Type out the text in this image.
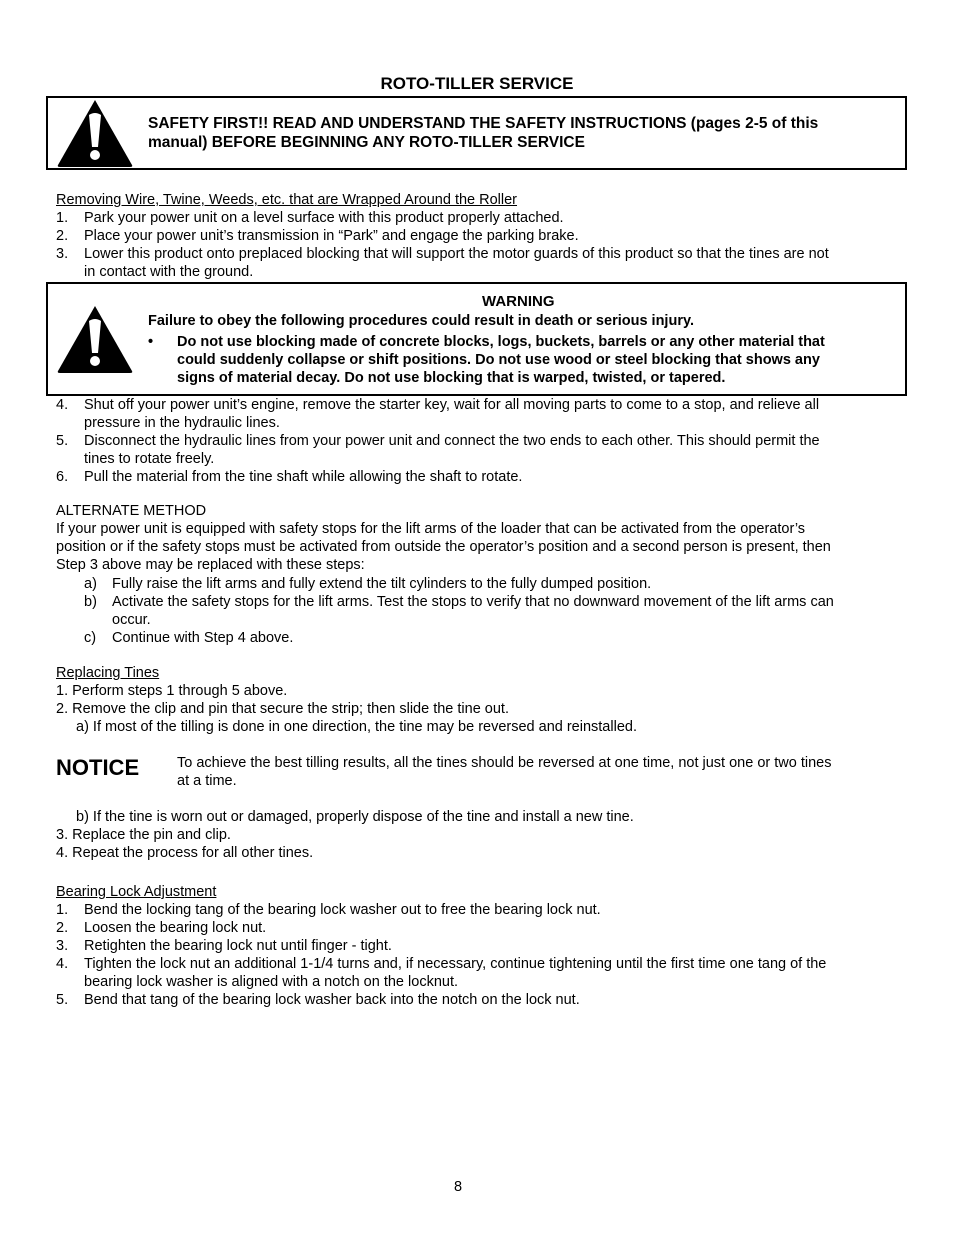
ROTO-TILLER SERVICE
SAFETY FIRST!! READ AND UNDERSTAND THE SAFETY INSTRUCTIONS (pages 2-5 of this
manual) BEFORE BEGINNING ANY ROTO-TILLER SERVICE
Removing Wire, Twine, Weeds, etc. that are Wrapped Around the Roller
1. Park your power unit on a level surface with this product properly attached.
2. Place your power unit’s transmission in “Park” and engage the parking brake.
3. Lower this product onto preplaced blocking that will support the motor guards of this product so that the tines are not
in contact with the ground.
WARNING
Failure to obey the following procedures could result in death or serious injury.
• Do not use blocking made of concrete blocks, logs, buckets, barrels or any other material that
could suddenly collapse or shift positions. Do not use wood or steel blocking that shows any
signs of material decay. Do not use blocking that is warped, twisted, or tapered.
4. Shut off your power unit’s engine, remove the starter key, wait for all moving parts to come to a stop, and relieve all
pressure in the hydraulic lines.
5. Disconnect the hydraulic lines from your power unit and connect the two ends to each other. This should permit the
tines to rotate freely.
6. Pull the material from the tine shaft while allowing the shaft to rotate.
ALTERNATE METHOD
If your power unit is equipped with safety stops for the lift arms of the loader that can be activated from the operator’s
position or if the safety stops must be activated from outside the operator’s position and a second person is present, then
Step 3 above may be replaced with these steps:
a) Fully raise the lift arms and fully extend the tilt cylinders to the fully dumped position.
b) Activate the safety stops for the lift arms. Test the stops to verify that no downward movement of the lift arms can
occur.
c) Continue with Step 4 above.
Replacing Tines
1. Perform steps 1 through 5 above.
2. Remove the clip and pin that secure the strip; then slide the tine out.
a) If most of the tilling is done in one direction, the tine may be reversed and reinstalled.
NOTICE	To achieve the best tilling results, all the tines should be reversed at one time, not just one or two tines
at a time.
b) If the tine is worn out or damaged, properly dispose of the tine and install a new tine.
3. Replace the pin and clip.
4. Repeat the process for all other tines.
Bearing Lock Adjustment
1. Bend the locking tang of the bearing lock washer out to free the bearing lock nut.
2. Loosen the bearing lock nut.
3. Retighten the bearing lock nut until finger - tight.
4. Tighten the lock nut an additional 1-1/4 turns and, if necessary, continue tightening until the first time one tang of the
bearing lock washer is aligned with a notch on the locknut.
5. Bend that tang of the bearing lock washer back into the notch on the lock nut.
8
